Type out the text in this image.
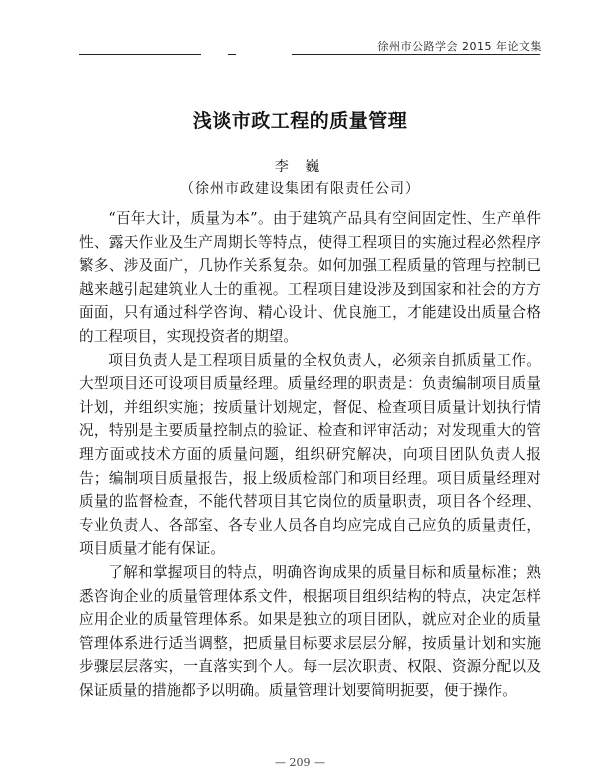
徐州市公路学会 2015 年论文集
浅谈市政工程的质量管理
李 巍
（徐州市政建设集团有限责任公司）

“百年大计，质量为本”。由于建筑产品具有空间固定性、生产单件性、露天作业及生产周期长等特点，使得工程项目的实施过程必然程序繁多、涉及面广，几协作关系复杂。如何加强工程质量的管理与控制已越来越引起建筑业人士的重视。工程项目建设涉及到国家和社会的方方面面，只有通过科学咨询、精心设计、优良施工，才能建设出质量合格的工程项目，实现投资者的期望。

项目负责人是工程项目质量的全权负责人，必须亲自抓质量工作。大型项目还可设项目质量经理。质量经理的职责是：负责编制项目质量计划，并组织实施；按质量计划规定，督促、检查项目质量计划执行情况，特别是主要质量控制点的验证、检查和评审活动；对发现重大的管理方面或技术方面的质量问题，组织研究解决，向项目团队负责人报告；编制项目质量报告，报上级质检部门和项目经理。项目质量经理对质量的监督检查，不能代替项目其它岗位的质量职责，项目各个经理、专业负责人、各部室、各专业人员各自均应完成自己应负的质量责任，项目质量才能有保证。

了解和掌握项目的特点，明确咨询成果的质量目标和质量标准；熟悉咨询企业的质量管理体系文件，根据项目组织结构的特点，决定怎样应用企业的质量管理体系。如果是独立的项目团队，就应对企业的质量管理体系进行适当调整，把质量目标要求层层分解，按质量计划和实施步骤层层落实，一直落实到个人。每一层次职责、权限、资源分配以及保证质量的措施都予以明确。质量管理计划要简明扼要，便于操作。

— 209 —
